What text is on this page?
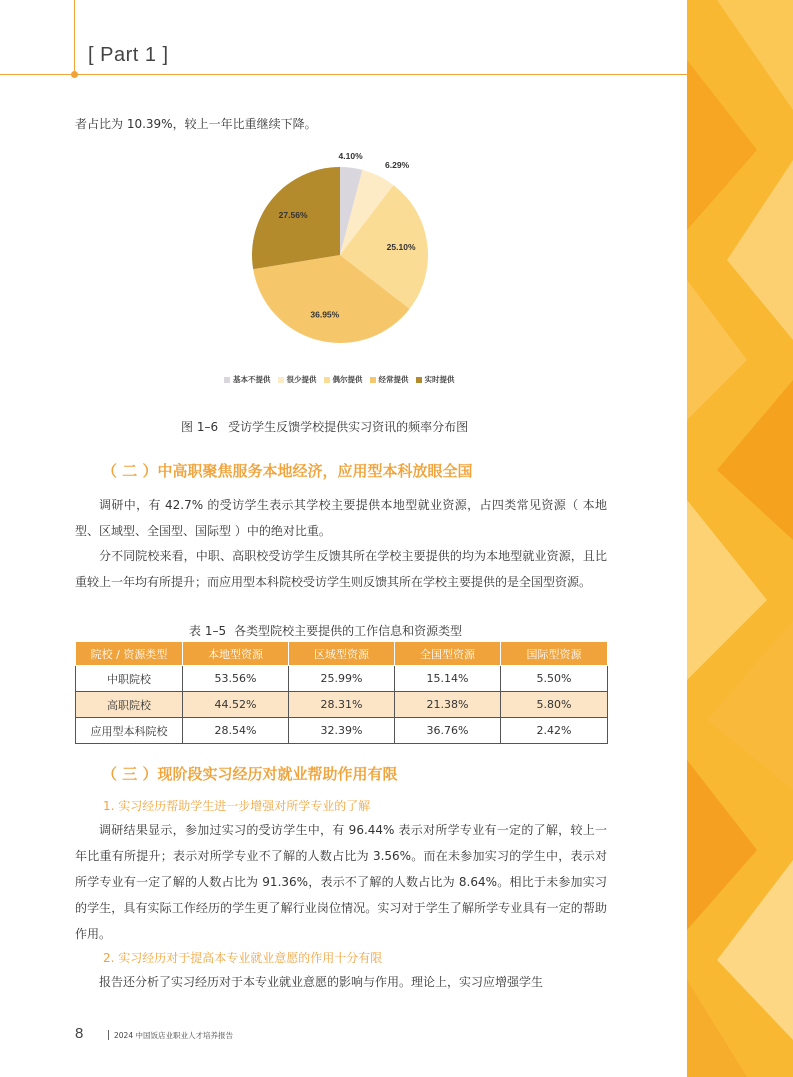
[ Part 1 ]

者占比为 10.39%，较上一年比重继续下降。

4.10%
6.29%
25.10%
36.95%
27.56%
基本不提供 很少提供 偶尔提供 经常提供 实时提供
图 1–6 受访学生反馈学校提供实习资讯的频率分布图
（ 二 ）中高职聚焦服务本地经济，应用型本科放眼全国

调研中，有 42.7% 的受访学生表示其学校主要提供本地型就业资源，占四类常见资源（ 本地型、区域型、全国型、国际型 ）中的绝对比重。

分不同院校来看，中职、高职校受访学生反馈其所在学校主要提供的均为本地型就业资源，且比重较上一年均有所提升；而应用型本科院校受访学生则反馈其所在学校主要提供的是全国型资源。

表 1–5 各类型院校主要提供的工作信息和资源类型
院校 / 资源类型	本地型资源	区域型资源	全国型资源	国际型资源
中职院校	53.56%	25.99%	15.14%	5.50%
高职院校	44.52%	28.31%	21.38%	5.80%
应用型本科院校	28.54%	32.39%	36.76%	2.42%
（ 三 ）现阶段实习经历对就业帮助作用有限
1. 实习经历帮助学生进一步增强对所学专业的了解

调研结果显示，参加过实习的受访学生中，有 96.44% 表示对所学专业有一定的了解，较上一年比重有所提升；表示对所学专业不了解的人数占比为 3.56%。而在未参加实习的学生中，表示对所学专业有一定了解的人数占比为 91.36%，表示不了解的人数占比为 8.64%。相比于未参加实习的学生，具有实际工作经历的学生更了解行业岗位情况。实习对于学生了解所学专业具有一定的帮助作用。

2. 实习经历对于提高本专业就业意愿的作用十分有限

报告还分析了实习经历对于本专业就业意愿的影响与作用。理论上，实习应增强学生

8	2024 中国饭店业职业人才培养报告
